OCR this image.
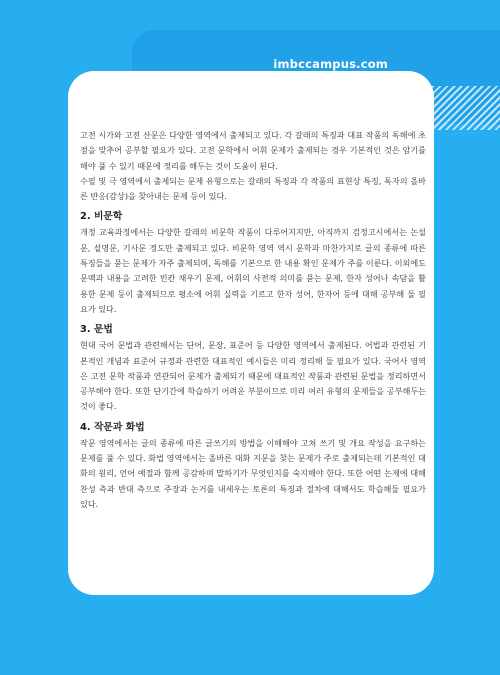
imbccampus.com

고전 시가와 고전 산문은 다양한 영역에서 출제되고 있다. 각 갈래의 특징과 대표 작품의 독해에 초점을 맞추어 공부할 필요가 있다. 고전 문학에서 어휘 문제가 출제되는 경우 기본적인 것은 암기를 해야 풀 수 있기 때문에 정리를 해두는 것이 도움이 된다.

수필 및 극 영역에서 출제되는 문제 유형으로는 갈래의 특징과 각 작품의 표현상 특징, 독자의 올바른 반응(감상)을 찾아내는 문제 등이 있다.

2. 비문학

개정 교육과정에서는 다양한 갈래의 비문학 작품이 다루어지지만, 아직까지 검정고시에서는 논설문, 설명문, 기사문 정도만 출제되고 있다. 비문학 영역 역시 문학과 마찬가지로 글의 종류에 따른 특징들을 묻는 문제가 자주 출제되며, 독해를 기본으로 한 내용 확인 문제가 주를 이룬다. 이외에도 문맥과 내용을 고려한 빈칸 채우기 문제, 어휘의 사전적 의미를 묻는 문제, 한자 성어나 속담을 활용한 문제 등이 출제되므로 평소에 어휘 실력을 기르고 한자 성어, 한자어 등에 대해 공부해 둘 필요가 있다.

3. 문법

현대 국어 문법과 관련해서는 단어, 문장, 표준어 등 다양한 영역에서 출제된다. 어법과 관련된 기본적인 개념과 표준어 규정과 관련한 대표적인 예시들은 미리 정리해 둘 필요가 있다. 국어사 영역은 고전 문학 작품과 연관되어 문제가 출제되기 때문에 대표적인 작품과 관련된 문법을 정리하면서 공부해야 한다. 또한 단기간에 학습하기 어려운 부분이므로 미리 여러 유형의 문제들을 공부해두는 것이 좋다.

4. 작문과 화법

작문 영역에서는 글의 종류에 따른 글쓰기의 방법을 이해해야 고쳐 쓰기 및 개요 작성을 요구하는 문제를 풀 수 있다. 화법 영역에서는 올바른 대화 지문을 찾는 문제가 주로 출제되는데 기본적인 대화의 원리, 언어 예절과 함께 공감하며 말하기가 무엇인지를 숙지해야 한다. 또한 어떤 논제에 대해 찬성 측과 반대 측으로 주장과 논거를 내세우는 토론의 특징과 절차에 대해서도 학습해둘 필요가 있다.
